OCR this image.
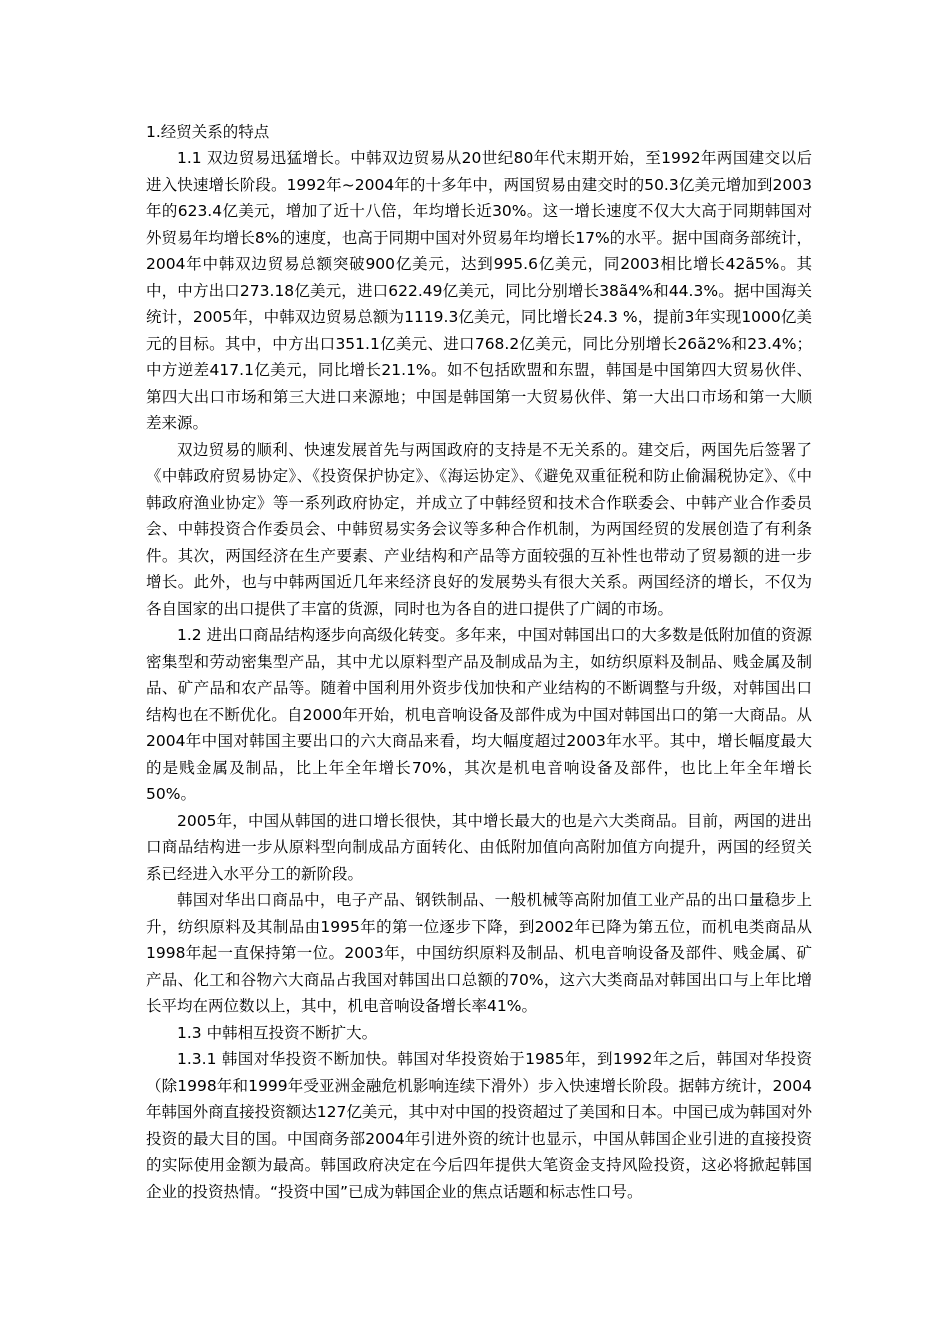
1.经贸关系的特点

1.1 双边贸易迅猛增长。中韩双边贸易从20世纪80年代末期开始，至1992年两国建交以后进入快速增长阶段。1992年~2004年的十多年中，两国贸易由建交时的50.3亿美元增加到2003年的623.4亿美元，增加了近十八倍，年均增长近30%。这一增长速度不仅大大高于同期韩国对外贸易年均增长8%的速度，也高于同期中国对外贸易年均增长17%的水平。据中国商务部统计，2004年中韩双边贸易总额突破900亿美元，达到995.6亿美元，同2003相比增长42ã5%。其中，中方出口273.18亿美元，进口622.49亿美元，同比分别增长38ã4%和44.3%。据中国海关统计，2005年，中韩双边贸易总额为1119.3亿美元，同比增长24.3 %，提前3年实现1000亿美元的目标。其中，中方出口351.1亿美元、进口768.2亿美元，同比分别增长26ã2%和23.4%；中方逆差417.1亿美元，同比增长21.1%。如不包括欧盟和东盟，韩国是中国第四大贸易伙伴、第四大出口市场和第三大进口来源地；中国是韩国第一大贸易伙伴、第一大出口市场和第一大顺差来源。

双边贸易的顺利、快速发展首先与两国政府的支持是不无关系的。建交后，两国先后签署了《中韩政府贸易协定》、《投资保护协定》、《海运协定》、《避免双重征税和防止偷漏税协定》、《中韩政府渔业协定》等一系列政府协定，并成立了中韩经贸和技术合作联委会、中韩产业合作委员会、中韩投资合作委员会、中韩贸易实务会议等多种合作机制，为两国经贸的发展创造了有利条件。其次，两国经济在生产要素、产业结构和产品等方面较强的互补性也带动了贸易额的进一步增长。此外，也与中韩两国近几年来经济良好的发展势头有很大关系。两国经济的增长，不仅为各自国家的出口提供了丰富的货源，同时也为各自的进口提供了广阔的市场。

1.2 进出口商品结构逐步向高级化转变。多年来，中国对韩国出口的大多数是低附加值的资源密集型和劳动密集型产品，其中尤以原料型产品及制成品为主，如纺织原料及制品、贱金属及制品、矿产品和农产品等。随着中国利用外资步伐加快和产业结构的不断调整与升级，对韩国出口结构也在不断优化。自2000年开始，机电音响设备及部件成为中国对韩国出口的第一大商品。从2004年中国对韩国主要出口的六大商品来看，均大幅度超过2003年水平。其中，增长幅度最大的是贱金属及制品，比上年全年增长70%，其次是机电音响设备及部件，也比上年全年增长50%。

2005年，中国从韩国的进口增长很快，其中增长最大的也是六大类商品。目前，两国的进出口商品结构进一步从原料型向制成品方面转化、由低附加值向高附加值方向提升，两国的经贸关系已经进入水平分工的新阶段。

韩国对华出口商品中，电子产品、钢铁制品、一般机械等高附加值工业产品的出口量稳步上升，纺织原料及其制品由1995年的第一位逐步下降，到2002年已降为第五位，而机电类商品从1998年起一直保持第一位。2003年，中国纺织原料及制品、机电音响设备及部件、贱金属、矿产品、化工和谷物六大商品占我国对韩国出口总额的70%，这六大类商品对韩国出口与上年比增长平均在两位数以上，其中，机电音响设备增长率41%。

1.3 中韩相互投资不断扩大。

1.3.1 韩国对华投资不断加快。韩国对华投资始于1985年，到1992年之后，韩国对华投资（除1998年和1999年受亚洲金融危机影响连续下滑外）步入快速增长阶段。据韩方统计，2004年韩国外商直接投资额达127亿美元，其中对中国的投资超过了美国和日本。中国已成为韩国对外投资的最大目的国。中国商务部2004年引进外资的统计也显示，中国从韩国企业引进的直接投资的实际使用金额为最高。韩国政府决定在今后四年提供大笔资金支持风险投资，这必将掀起韩国企业的投资热情。“投资中国”已成为韩国企业的焦点话题和标志性口号。
